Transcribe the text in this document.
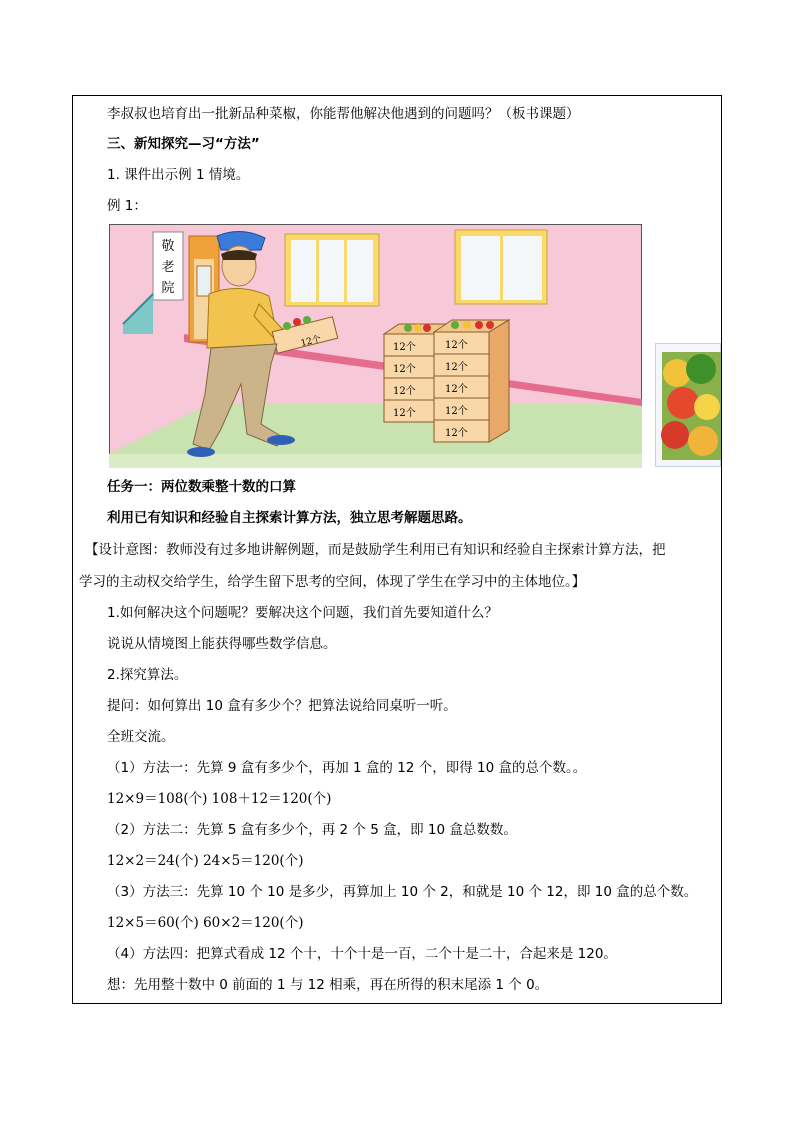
李叔叔也培育出一批新品种菜椒，你能帮他解决他遇到的问题吗？（板书课题）
三、新知探究—习“方法”
1. 课件出示例 1 情境。
例 1：
敬
老
院
12个
12个
12个
12个
12个
12个
12个
12个
12个
12个
任务一：两位数乘整十数的口算
利用已有知识和经验自主探索计算方法，独立思考解题思路。
【设计意图：教师没有过多地讲解例题，而是鼓励学生利用已有知识和经验自主探索计算方法，把
学习的主动权交给学生，给学生留下思考的空间，体现了学生在学习中的主体地位。】
1.如何解决这个问题呢？要解决这个问题，我们首先要知道什么？
说说从情境图上能获得哪些数学信息。
2.探究算法。
提问：如何算出 10 盒有多少个？把算法说给同桌听一听。
全班交流。
（1）方法一：先算 9 盒有多少个，再加 1 盒的 12 个，即得 10 盒的总个数。。
12×9＝108(个) 108＋12＝120(个)
（2）方法二：先算 5 盒有多少个，再 2 个 5 盒，即 10 盒总数数。
12×2＝24(个) 24×5＝120(个)
（3）方法三：先算 10 个 10 是多少，再算加上 10 个 2，和就是 10 个 12，即 10 盒的总个数。
12×5＝60(个) 60×2＝120(个)
（4）方法四：把算式看成 12 个十，十个十是一百，二个十是二十，合起来是 120。
想：先用整十数中 0 前面的 1 与 12 相乘，再在所得的积末尾添 1 个 0。
